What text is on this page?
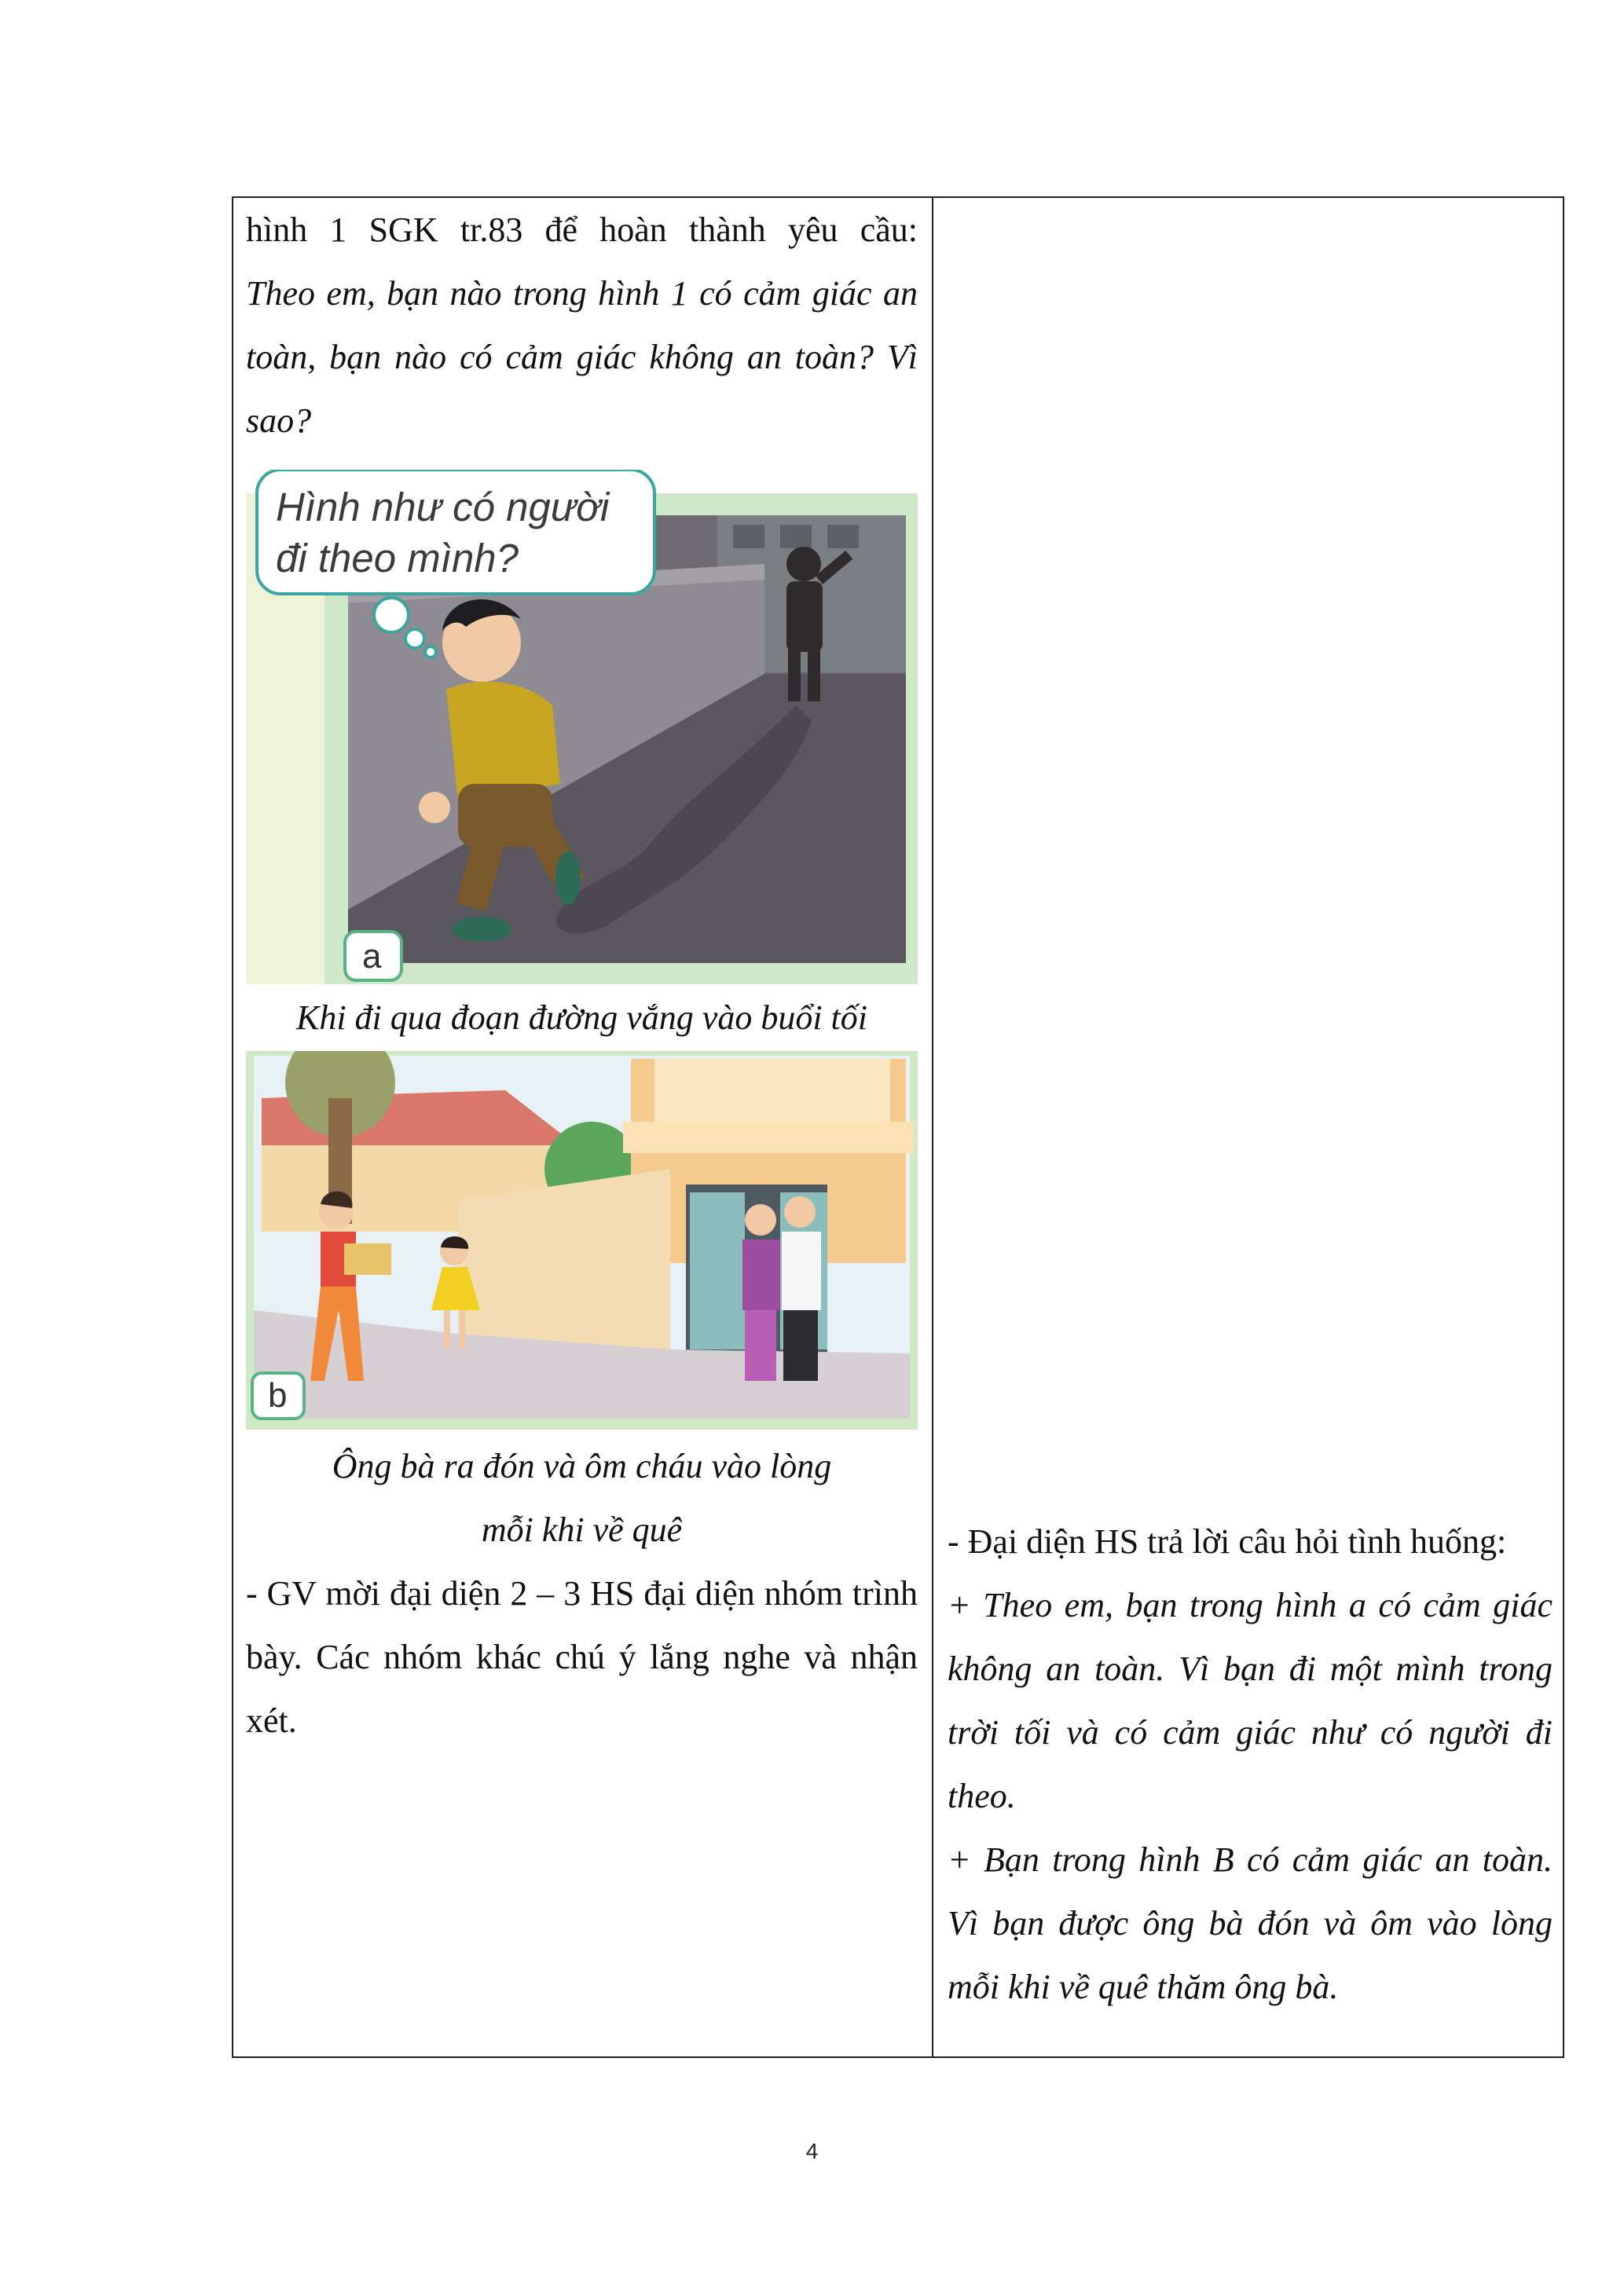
hình 1 SGK tr.83 để hoàn thành yêu cầu:

Theo em, bạn nào trong hình 1 có cảm giác an toàn, bạn nào có cảm giác không an toàn? Vì sao?

Hình như có người
đi theo mình?
a

Khi đi qua đoạn đường vắng vào buổi tối

b

Ông bà ra đón và ôm cháu vào lòng

mỗi khi về quê

- GV mời đại diện 2 – 3 HS đại diện nhóm trình bày. Các nhóm khác chú ý lắng nghe và nhận xét.

- Đại diện HS trả lời câu hỏi tình huống:

+ Theo em, bạn trong hình a có cảm giác không an toàn. Vì bạn đi một mình trong trời tối và có cảm giác như có người đi theo.

+ Bạn trong hình B có cảm giác an toàn. Vì bạn được ông bà đón và ôm vào lòng mỗi khi về quê thăm ông bà.

4
